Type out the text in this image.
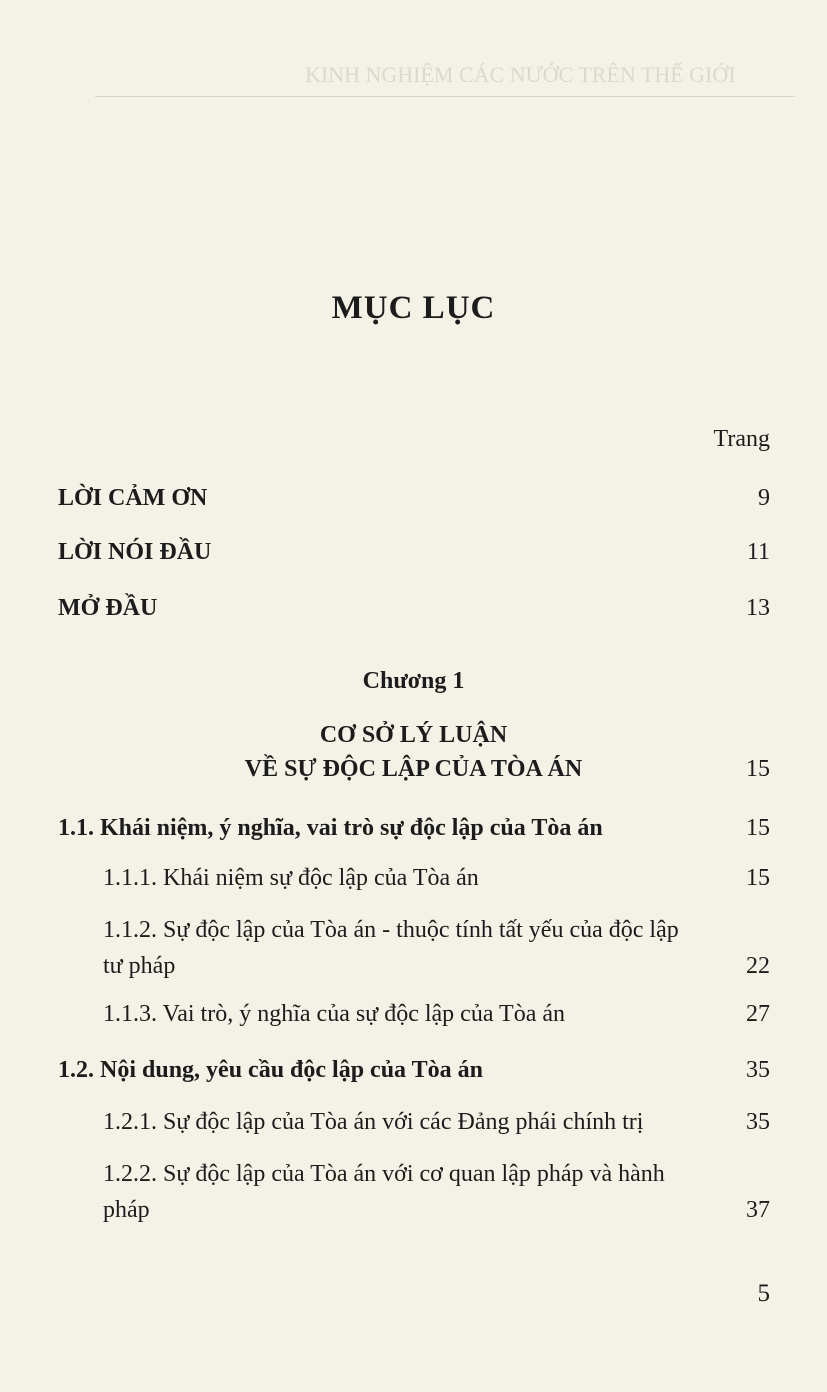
KINH NGHIỆM CÁC NƯỚC TRÊN THẾ GIỚI
MỤC LỤC
Trang
LỜI CẢM ƠN	9
LỜI NÓI ĐẦU	11
MỞ ĐẦU	13
Chương 1
CƠ SỞ LÝ LUẬN
VỀ SỰ ĐỘC LẬP CỦA TÒA ÁN	15
1.1. Khái niệm, ý nghĩa, vai trò sự độc lập của Tòa án	15
1.1.1. Khái niệm sự độc lập của Tòa án	15
1.1.2. Sự độc lập của Tòa án - thuộc tính tất yếu của độc lập tư pháp	22
1.1.3. Vai trò, ý nghĩa của sự độc lập của Tòa án	27
1.2. Nội dung, yêu cầu độc lập của Tòa án	35
1.2.1. Sự độc lập của Tòa án với các Đảng phái chính trị	35
1.2.2. Sự độc lập của Tòa án với cơ quan lập pháp và hành pháp	37
5
